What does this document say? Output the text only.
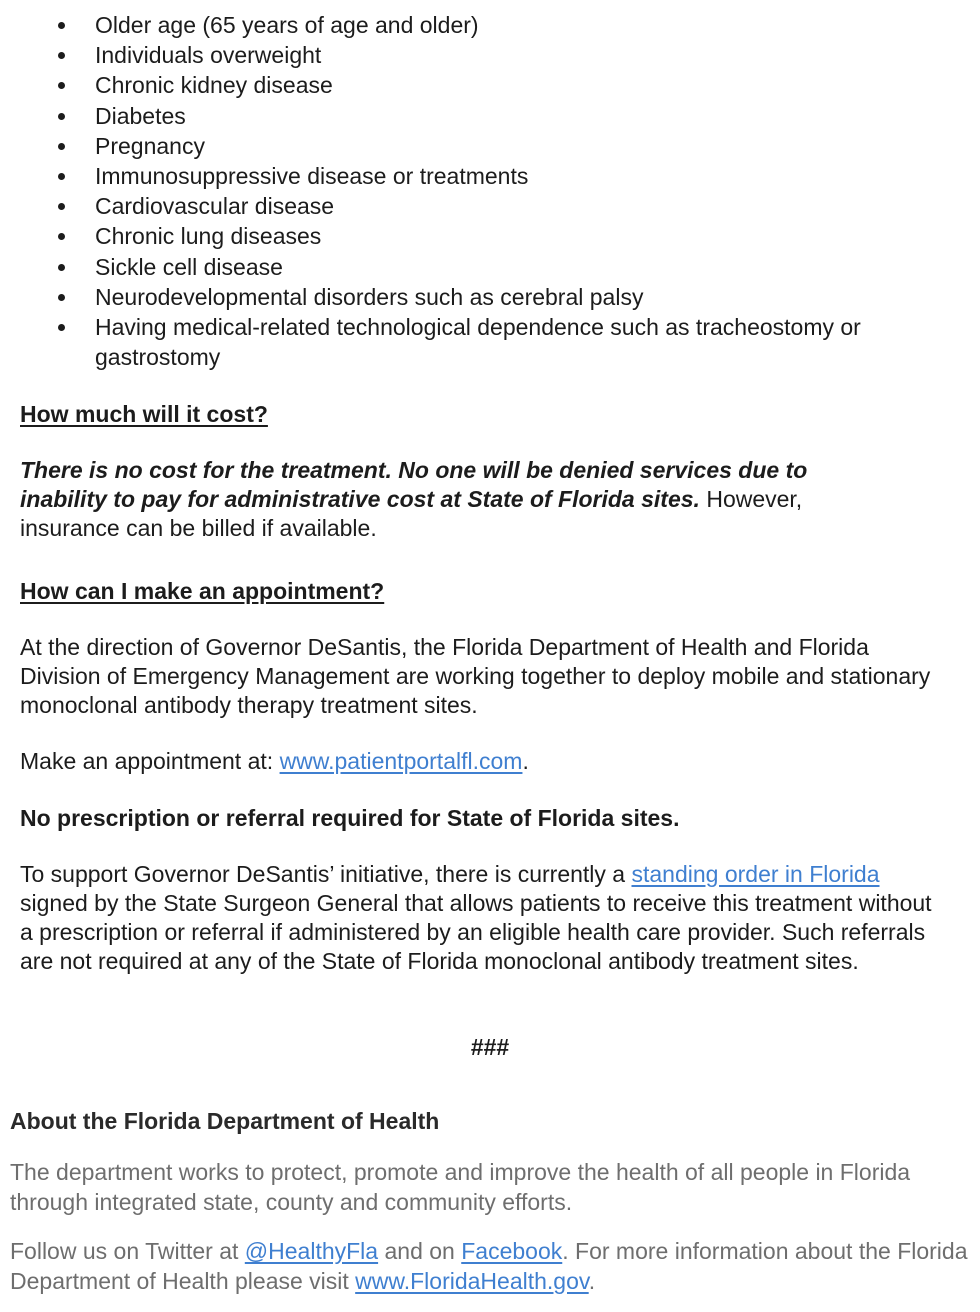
Older age (65 years of age and older)
Individuals overweight
Chronic kidney disease
Diabetes
Pregnancy
Immunosuppressive disease or treatments
Cardiovascular disease
Chronic lung diseases
Sickle cell disease
Neurodevelopmental disorders such as cerebral palsy
Having medical-related technological dependence such as tracheostomy or gastrostomy

How much will it cost?

There is no cost for the treatment. No one will be denied services due to inability to pay for administrative cost at State of Florida sites. However, insurance can be billed if available.

How can I make an appointment?

At the direction of Governor DeSantis, the Florida Department of Health and Florida Division of Emergency Management are working together to deploy mobile and stationary monoclonal antibody therapy treatment sites.

Make an appointment at: www.patientportalfl.com.

No prescription or referral required for State of Florida sites.

To support Governor DeSantis’ initiative, there is currently a standing order in Florida signed by the State Surgeon General that allows patients to receive this treatment without a prescription or referral if administered by an eligible health care provider. Such referrals are not required at any of the State of Florida monoclonal antibody treatment sites.

###

About the Florida Department of Health

The department works to protect, promote and improve the health of all people in Florida through integrated state, county and community efforts.

Follow us on Twitter at @HealthyFla and on Facebook. For more information about the Florida Department of Health please visit www.FloridaHealth.gov.
